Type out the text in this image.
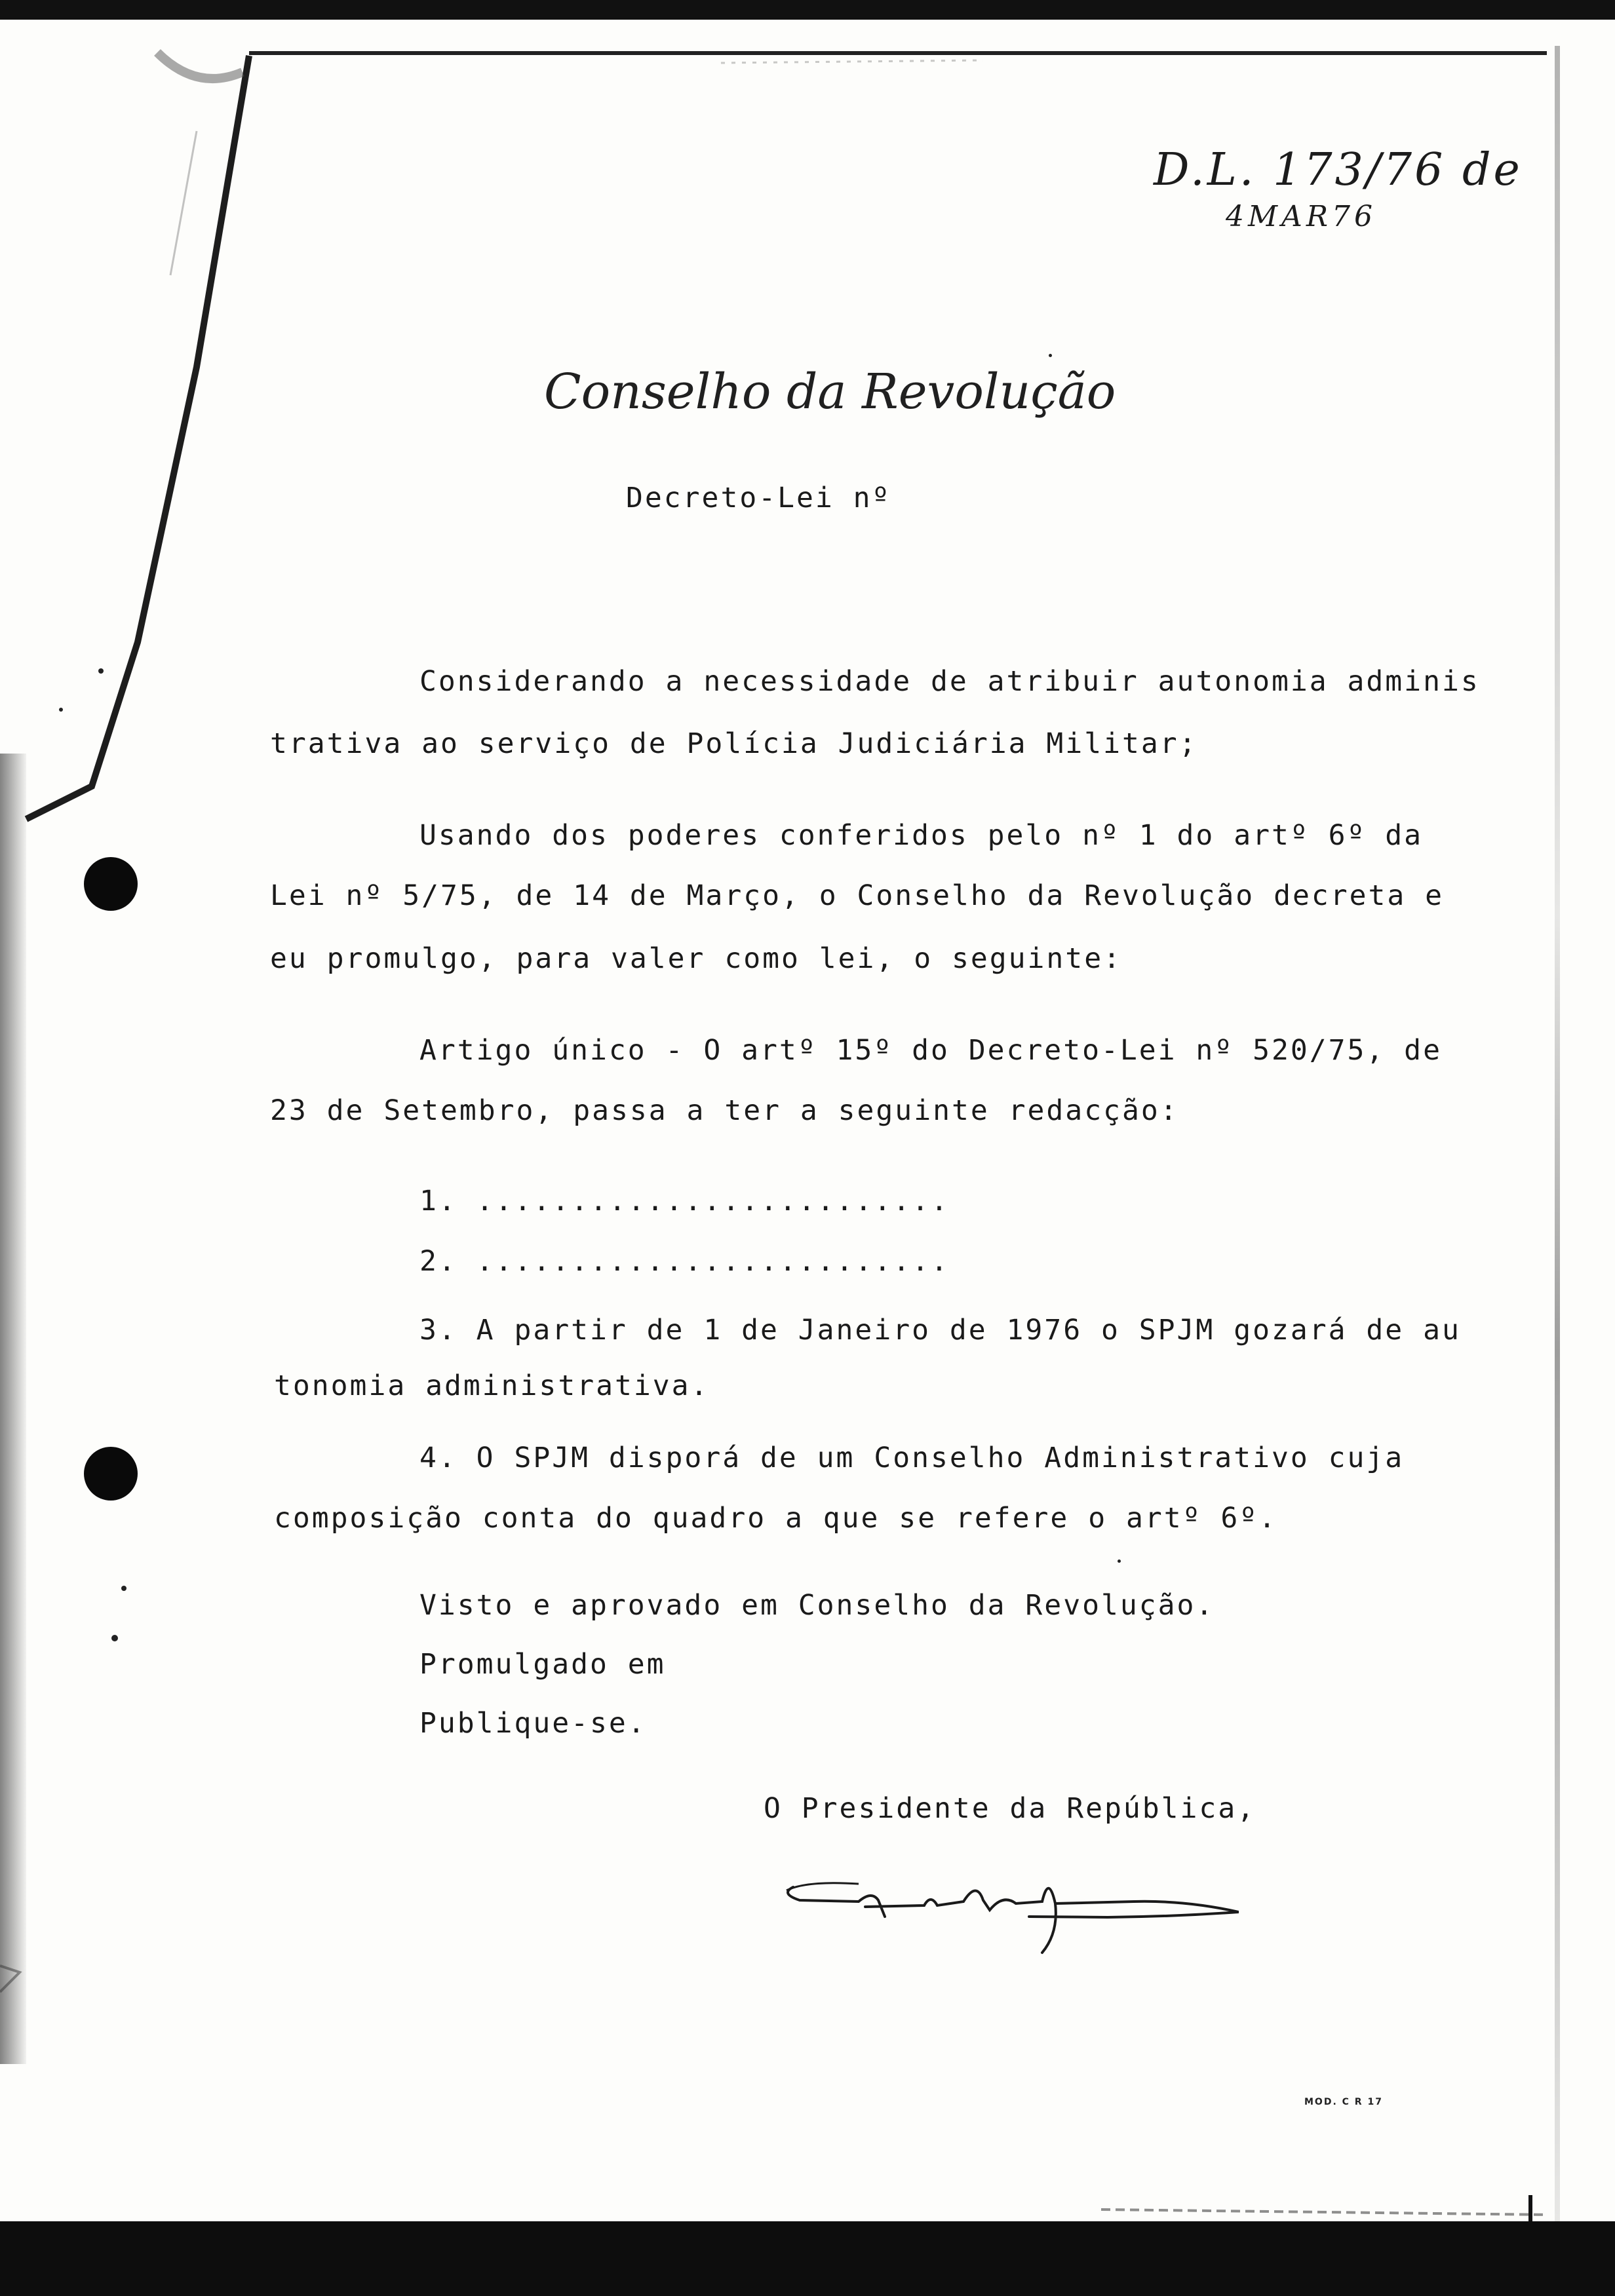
D.L. 173/76 de
4MAR76
Conselho da Revolução
Decreto-Lei nº
Considerando a necessidade de atribuir autonomia adminis
trativa ao serviço de Polícia Judiciária Militar;
Usando dos poderes conferidos pelo nº 1 do artº 6º da
Lei nº 5/75, de 14 de Março, o Conselho da Revolução decreta e
eu promulgo, para valer como lei, o seguinte:
Artigo único - O artº 15º do Decreto-Lei nº 520/75, de
23 de Setembro, passa a ter a seguinte redacção:
1. .........................
2. .........................
3. A partir de 1 de Janeiro de 1976 o SPJM gozará de au
tonomia administrativa.
4. O SPJM disporá de um Conselho Administrativo cuja
composição conta do quadro a que se refere o artº 6º.
Visto e aprovado em Conselho da Revolução.
Promulgado em
Publique-se.
O Presidente da República,
MOD. C R 17
